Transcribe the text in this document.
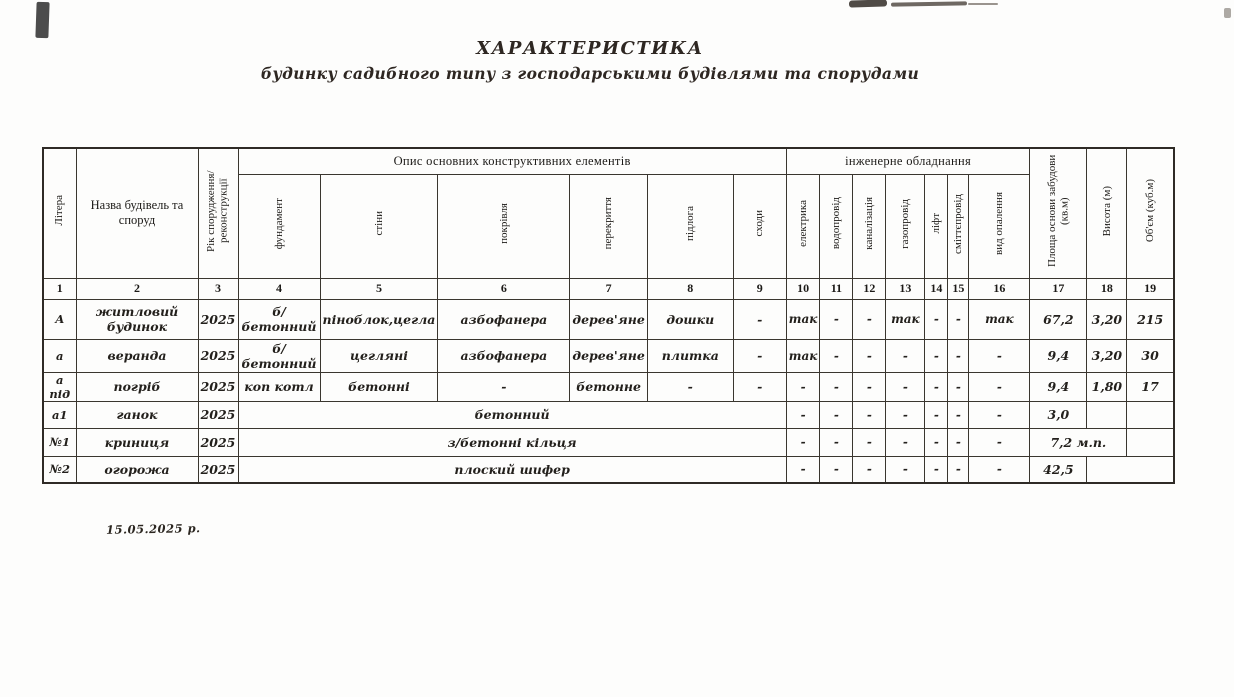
ХАРАКТЕРИСТИКА
будинку садибного типу з господарськими будівлями та спорудами
Літера	Назва будівель та споруд	Рік спорудження/реконструкції	Опис основних конструктивних елементів						інженерне обладнання							Площа основи забудови (кв.м)	Висота (м)	Об'єм (куб.м)
			фундамент	стіни	покрівля	перекриття	підлога	сходи	електрика	водопровід	каналізація	газопровід	ліфт	сміттєпровід	вид опалення			
1	2	3	4	5	6	7	8	9	10	11	12	13	14	15	16	17	18	19
А	житловий будинок	2025	б/бетонний	піноблок,цегла	азбофанера	дерев'яне	дошки	-	так	-	-	так	-	-	так	67,2	3,20	215
а	веранда	2025	б/бетонний	цегляні	азбофанера	дерев'яне	плитка	-	так	-	-	-	-	-	-	9,4	3,20	30
а під	погріб	2025	коп котл	бетонні	-	бетонне	-	-	-	-	-	-	-	-	-	9,4	1,80	17
а1	ганок	2025	бетонний						-	-	-	-	-	-	-	3,0		
№1	криниця	2025	з/бетонні кільця						-	-	-	-	-	-	-	7,2 м.п.		
№2	огорожа	2025	плоский шифер						-	-	-	-	-	-	-	42,5		
15.05.2025 р.
